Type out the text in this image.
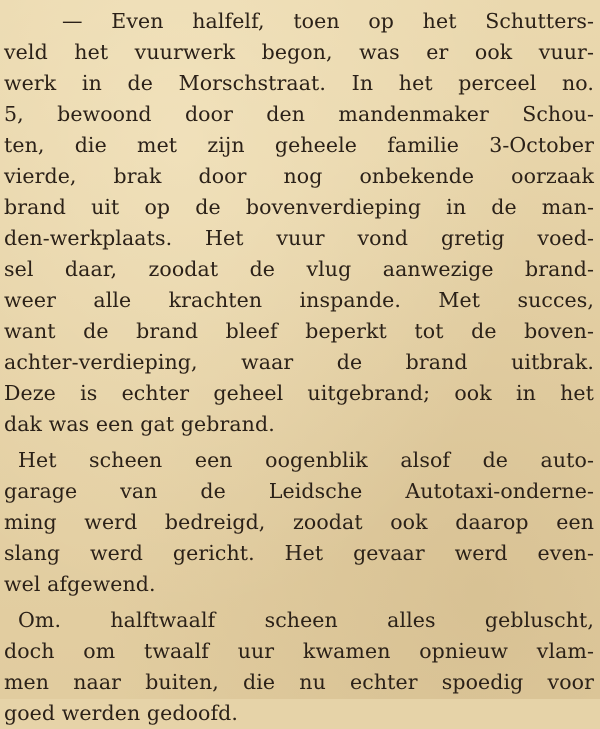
— Even halfelf, toen op het Schutters-
veld het vuurwerk begon, was er ook vuur-
werk in de Morschstraat. In het perceel no.
5, bewoond door den mandenmaker Schou-
ten, die met zijn geheele familie 3-October
vierde, brak door nog onbekende oorzaak
brand uit op de bovenverdieping in de man-
den-werkplaats. Het vuur vond gretig voed-
sel daar, zoodat de vlug aanwezige brand-
weer alle krachten inspande. Met succes,
want de brand bleef beperkt tot de boven-
achter-verdieping, waar de brand uitbrak.
Deze is echter geheel uitgebrand; ook in het
dak was een gat gebrand.
Het scheen een oogenblik alsof de auto-
garage van de Leidsche Autotaxi-onderne-
ming werd bedreigd, zoodat ook daarop een
slang werd gericht. Het gevaar werd even-
wel afgewend.
Om. halftwaalf scheen alles gebluscht,
doch om twaalf uur kwamen opnieuw vlam-
men naar buiten, die nu echter spoedig voor
goed werden gedoofd.
